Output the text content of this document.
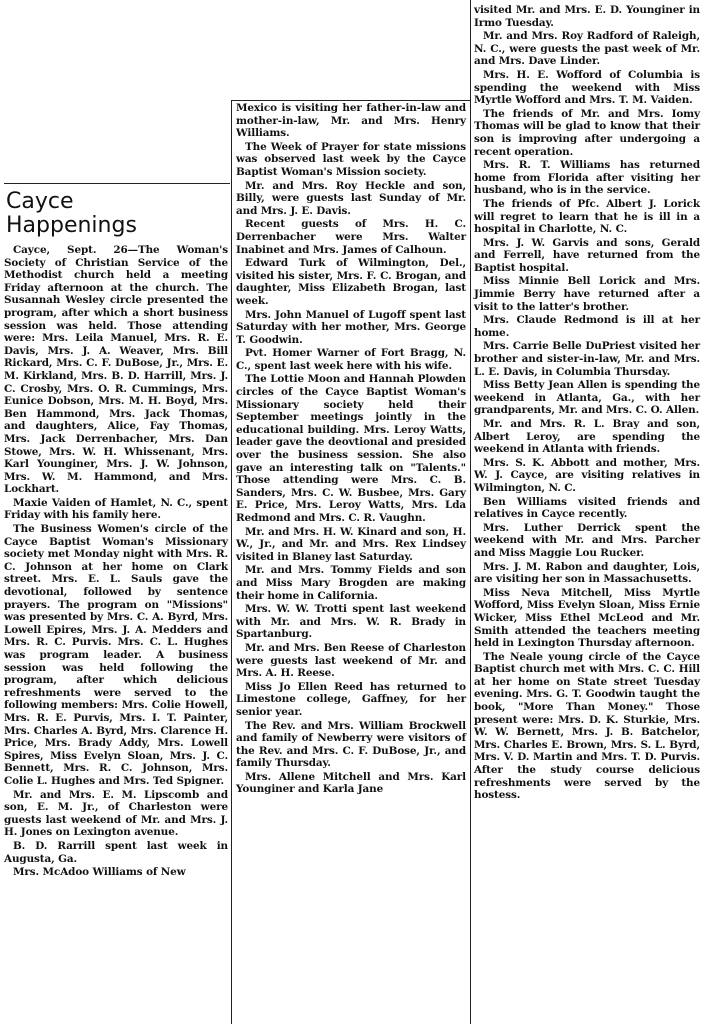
Cayce
Happenings

Cayce, Sept. 26—The Woman's Society of Christian Service of the Methodist church held a meeting Friday afternoon at the church. The Susannah Wesley circle presented the program, after which a short business session was held. Those attending were: Mrs. Leila Manuel, Mrs. R. E. Davis, Mrs. J. A. Weaver, Mrs. Bill Rickard, Mrs. C. F. DuBose, Jr., Mrs. E. M. Kirkland, Mrs. B. D. Harrill, Mrs. J. C. Crosby, Mrs. O. R. Cummings, Mrs. Eunice Dobson, Mrs. M. H. Boyd, Mrs. Ben Hammond, Mrs. Jack Thomas, and daughters, Alice, Fay Thomas, Mrs. Jack Derrenbacher, Mrs. Dan Stowe, Mrs. W. H. Whissenant, Mrs. Karl Younginer, Mrs. J. W. Johnson, Mrs. W. M. Hammond, and Mrs. Lockhart.

Maxie Vaiden of Hamlet, N. C., spent Friday with his family here.

The Business Women's circle of the Cayce Baptist Woman's Missionary society met Monday night with Mrs. R. C. Johnson at her home on Clark street. Mrs. E. L. Sauls gave the devotional, followed by sentence prayers. The program on "Missions" was presented by Mrs. C. A. Byrd, Mrs. Lowell Epires, Mrs. J. A. Medders and Mrs. R. C. Purvis. Mrs. C. L. Hughes was program leader. A business session was held following the program, after which delicious refreshments were served to the following members: Mrs. Colie Howell, Mrs. R. E. Purvis, Mrs. I. T. Painter, Mrs. Charles A. Byrd, Mrs. Clarence H. Price, Mrs. Brady Addy, Mrs. Lowell Spires, Miss Evelyn Sloan, Mrs. J. C. Bennett, Mrs. R. C. Johnson, Mrs. Colie L. Hughes and Mrs. Ted Spigner.

Mr. and Mrs. E. M. Lipscomb and son, E. M. Jr., of Charleston were guests last weekend of Mr. and Mrs. J. H. Jones on Lexington avenue.

B. D. Rarrill spent last week in Augusta, Ga.

Mrs. McAdoo Williams of New

Mexico is visiting her father-in-law and mother-in-law, Mr. and Mrs. Henry Williams.

The Week of Prayer for state missions was observed last week by the Cayce Baptist Woman's Mission society.

Mr. and Mrs. Roy Heckle and son, Billy, were guests last Sunday of Mr. and Mrs. J. E. Davis.

Recent guests of Mrs. H. C. Derrenbacher were Mrs. Walter Inabinet and Mrs. James of Calhoun.

Edward Turk of Wilmington, Del., visited his sister, Mrs. F. C. Brogan, and daughter, Miss Elizabeth Brogan, last week.

Mrs. John Manuel of Lugoff spent last Saturday with her mother, Mrs. George T. Goodwin.

Pvt. Homer Warner of Fort Bragg, N. C., spent last week here with his wife.

The Lottie Moon and Hannah Plowden circles of the Cayce Baptist Woman's Missionary society held their September meetings jointly in the educational building. Mrs. Leroy Watts, leader gave the deovtional and presided over the business session. She also gave an interesting talk on "Talents." Those attending were Mrs. C. B. Sanders, Mrs. C. W. Busbee, Mrs. Gary E. Price, Mrs. Leroy Watts, Mrs. Lda Redmond and Mrs. C. R. Vaughn.

Mr. and Mrs. H. W. Kinard and son, H. W., Jr., and Mr. and Mrs. Rex Lindsey visited in Blaney last Saturday.

Mr. and Mrs. Tommy Fields and son and Miss Mary Brogden are making their home in California.

Mrs. W. W. Trotti spent last weekend with Mr. and Mrs. W. R. Brady in Spartanburg.

Mr. and Mrs. Ben Reese of Charleston were guests last weekend of Mr. and Mrs. A. H. Reese.

Miss Jo Ellen Reed has returned to Limestone college, Gaffney, for her senior year.

The Rev. and Mrs. William Brockwell and family of Newberry were visitors of the Rev. and Mrs. C. F. DuBose, Jr., and family Thursday.

Mrs. Allene Mitchell and Mrs. Karl Younginer and Karla Jane

visited Mr. and Mrs. E. D. Younginer in Irmo Tuesday.

Mr. and Mrs. Roy Radford of Raleigh, N. C., were guests the past week of Mr. and Mrs. Dave Linder.

Mrs. H. E. Wofford of Columbia is spending the weekend with Miss Myrtle Wofford and Mrs. T. M. Vaiden.

The friends of Mr. and Mrs. Iomy Thomas will be glad to know that their son is improving after undergoing a recent operation.

Mrs. R. T. Williams has returned home from Florida after visiting her husband, who is in the service.

The friends of Pfc. Albert J. Lorick will regret to learn that he is ill in a hospital in Charlotte, N. C.

Mrs. J. W. Garvis and sons, Gerald and Ferrell, have returned from the Baptist hospital.

Miss Minnie Bell Lorick and Mrs. Jimmie Berry have returned after a visit to the latter's brother.

Mrs. Claude Redmond is ill at her home.

Mrs. Carrie Belle DuPriest visited her brother and sister-in-law, Mr. and Mrs. L. E. Davis, in Columbia Thursday.

Miss Betty Jean Allen is spending the weekend in Atlanta, Ga., with her grandparents, Mr. and Mrs. C. O. Allen.

Mr. and Mrs. R. L. Bray and son, Albert Leroy, are spending the weekend in Atlanta with friends.

Mrs. S. K. Abbott and mother, Mrs. W. J. Cayce, are visiting relatives in Wilmington, N. C.

Ben Williams visited friends and relatives in Cayce recently.

Mrs. Luther Derrick spent the weekend with Mr. and Mrs. Parcher and Miss Maggie Lou Rucker.

Mrs. J. M. Rabon and daughter, Lois, are visiting her son in Massachusetts.

Miss Neva Mitchell, Miss Myrtle Wofford, Miss Evelyn Sloan, Miss Ernie Wicker, Miss Ethel McLeod and Mr. Smith attended the teachers meeting held in Lexington Thursday afternoon.

The Neale young circle of the Cayce Baptist church met with Mrs. C. C. Hill at her home on State street Tuesday evening. Mrs. G. T. Goodwin taught the book, "More Than Money." Those present were: Mrs. D. K. Sturkie, Mrs. W. W. Bernett, Mrs. J. B. Batchelor, Mrs. Charles E. Brown, Mrs. S. L. Byrd, Mrs. V. D. Martin and Mrs. T. D. Purvis. After the study course delicious refreshments were served by the hostess.
